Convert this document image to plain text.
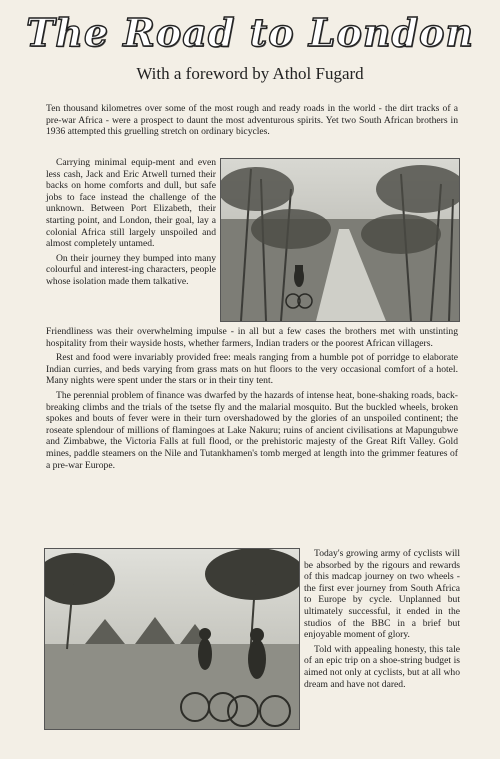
The Road to London
With a foreword by Athol Fugard

Ten thousand kilometres over some of the most rough and ready roads in the world - the dirt tracks of a pre-war Africa - were a prospect to daunt the most adventurous spirits. Yet two South African brothers in 1936 attempted this gruelling stretch on ordinary bicycles.

Carrying minimal equip-ment and even less cash, Jack and Eric Atwell turned their backs on home comforts and dull, but safe jobs to face instead the challenge of the unknown. Between Port Elizabeth, their starting point, and London, their goal, lay a colonial Africa still largely unspoiled and almost completely untamed.

On their journey they bumped into many colourful and interest-ing characters, people whose isolation made them talkative.

Friendliness was their overwhelming impulse - in all but a few cases the brothers met with unstinting hospitality from their wayside hosts, whether farmers, Indian traders or the poorest African villagers.

Rest and food were invariably provided free: meals ranging from a humble pot of porridge to elaborate Indian curries, and beds varying from grass mats on hut floors to the very occasional comfort of a hotel. Many nights were spent under the stars or in their tiny tent.

The perennial problem of finance was dwarfed by the hazards of intense heat, bone-shaking roads, back-breaking climbs and the trials of the tsetse fly and the malarial mosquito. But the buckled wheels, broken spokes and bouts of fever were in their turn overshadowed by the glories of an unspoiled continent; the roseate splendour of millions of flamingoes at Lake Nakuru; ruins of ancient civilisations at Mapungubwe and Zimbabwe, the Victoria Falls at full flood, or the prehistoric majesty of the Great Rift Valley. Gold mines, paddle steamers on the Nile and Tutankhamen's tomb merged at length into the grimmer features of a pre-war Europe.

Today's growing army of cyclists will be absorbed by the rigours and rewards of this madcap journey on two wheels - the first ever journey from South Africa to Europe by cycle. Unplanned but ultimately successful, it ended in the studios of the BBC in a brief but enjoyable moment of glory.

Told with appealing honesty, this tale of an epic trip on a shoe-string budget is aimed not only at cyclists, but at all who dream and have not dared.
